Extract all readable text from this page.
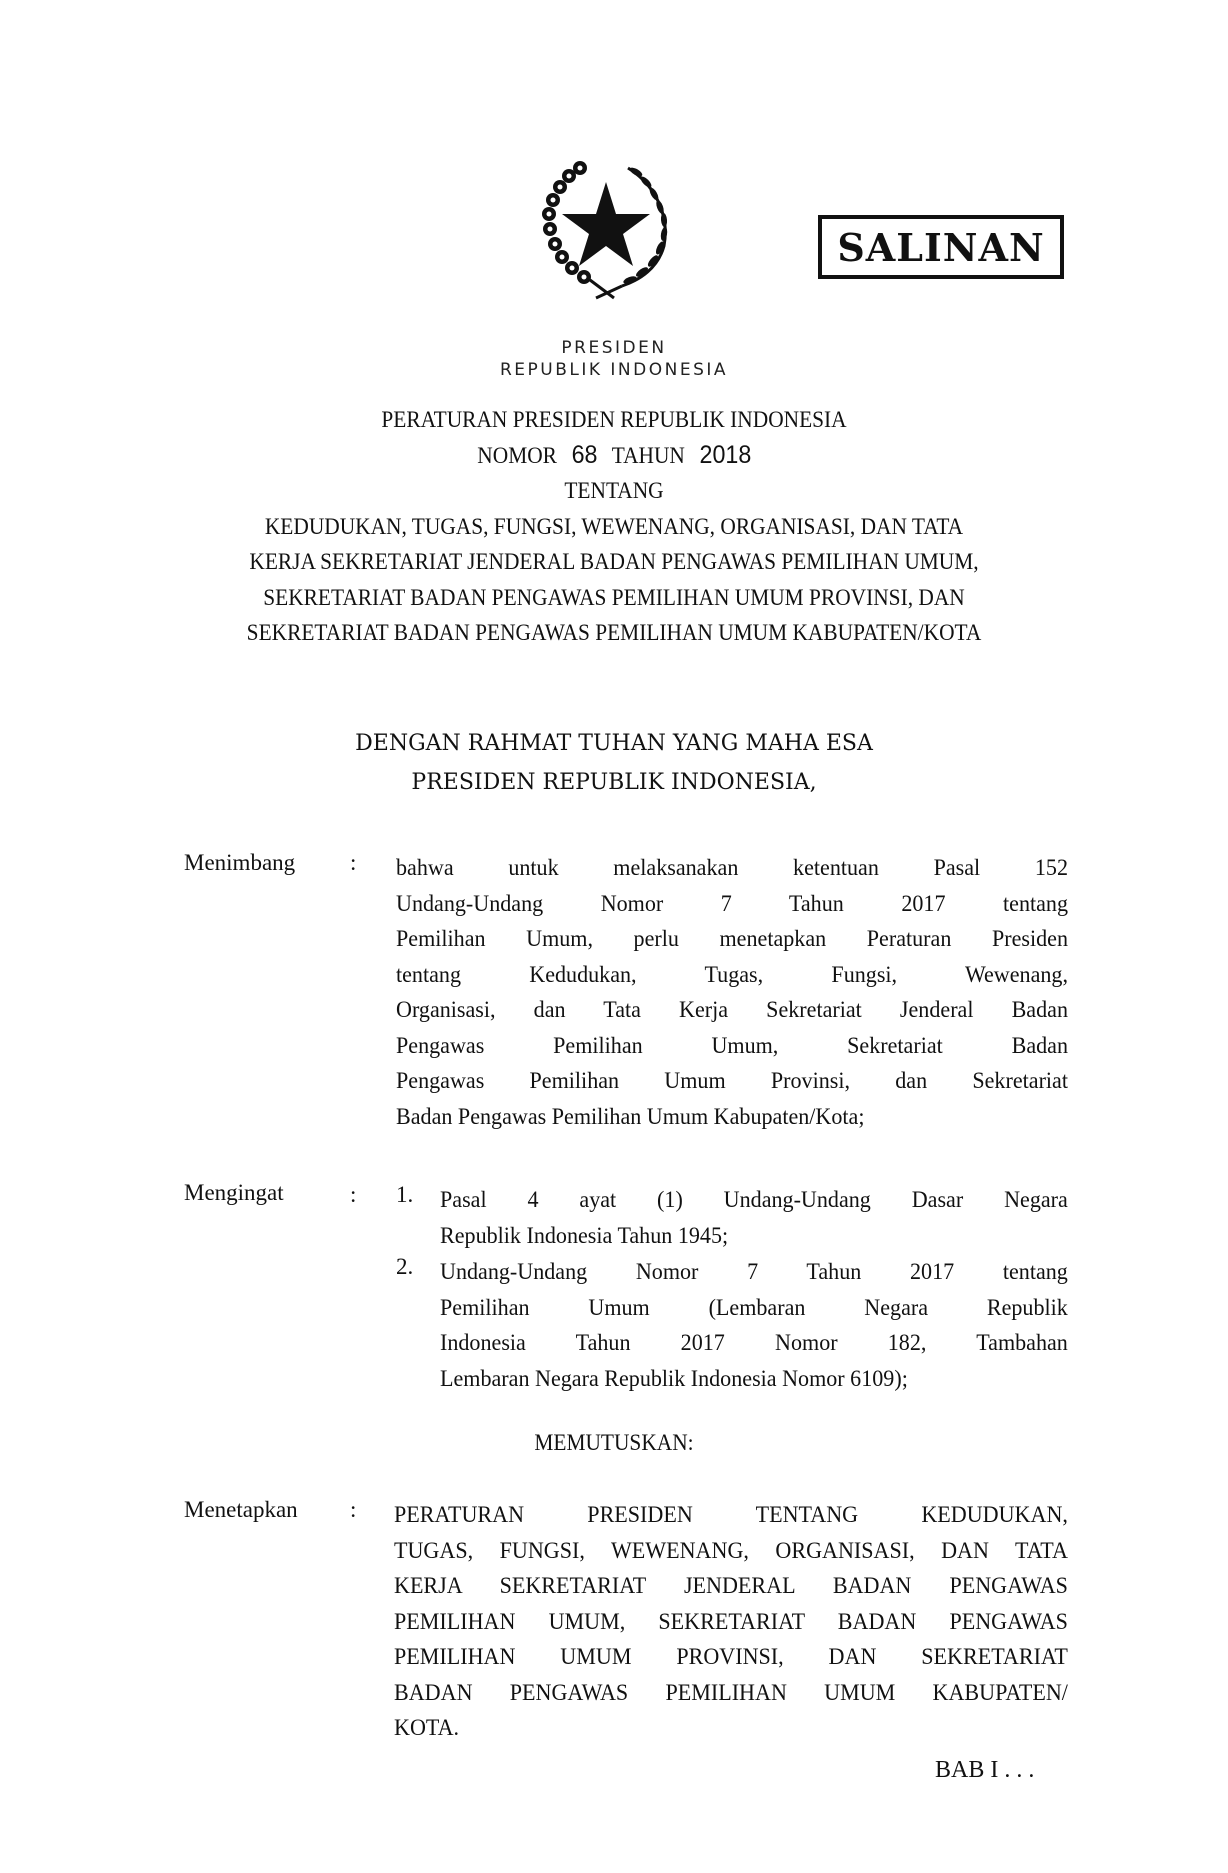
SALINAN
PRESIDEN
REPUBLIK INDONESIA
PERATURAN PRESIDEN REPUBLIK INDONESIA
NOMOR 68 TAHUN 2018
TENTANG
KEDUDUKAN, TUGAS, FUNGSI, WEWENANG, ORGANISASI, DAN TATA
KERJA SEKRETARIAT JENDERAL BADAN PENGAWAS PEMILIHAN UMUM,
SEKRETARIAT BADAN PENGAWAS PEMILIHAN UMUM PROVINSI, DAN
SEKRETARIAT BADAN PENGAWAS PEMILIHAN UMUM KABUPATEN/KOTA
DENGAN RAHMAT TUHAN YANG MAHA ESA
PRESIDEN REPUBLIK INDONESIA,
Menimbang : bahwa untuk melaksanakan ketentuan Pasal 152
Undang-Undang Nomor 7 Tahun 2017 tentang
Pemilihan Umum, perlu menetapkan Peraturan Presiden
tentang Kedudukan, Tugas, Fungsi, Wewenang,
Organisasi, dan Tata Kerja Sekretariat Jenderal Badan
Pengawas Pemilihan Umum, Sekretariat Badan
Pengawas Pemilihan Umum Provinsi, dan Sekretariat
Badan Pengawas Pemilihan Umum Kabupaten/Kota;
Mengingat	: 1. Pasal 4 ayat (1) Undang-Undang Dasar Negara
Republik Indonesia Tahun 1945;
2. Undang-Undang Nomor 7 Tahun 2017 tentang
Pemilihan Umum (Lembaran Negara Republik
Indonesia Tahun 2017 Nomor 182, Tambahan
Lembaran Negara Republik Indonesia Nomor 6109);
MEMUTUSKAN:
Menetapkan : PERATURAN PRESIDEN TENTANG KEDUDUKAN,
TUGAS, FUNGSI, WEWENANG, ORGANISASI, DAN TATA
KERJA SEKRETARIAT JENDERAL BADAN PENGAWAS
PEMILIHAN UMUM, SEKRETARIAT BADAN PENGAWAS
PEMILIHAN UMUM PROVINSI, DAN SEKRETARIAT
BADAN PENGAWAS PEMILIHAN UMUM KABUPATEN/
KOTA.
BAB I . . .
